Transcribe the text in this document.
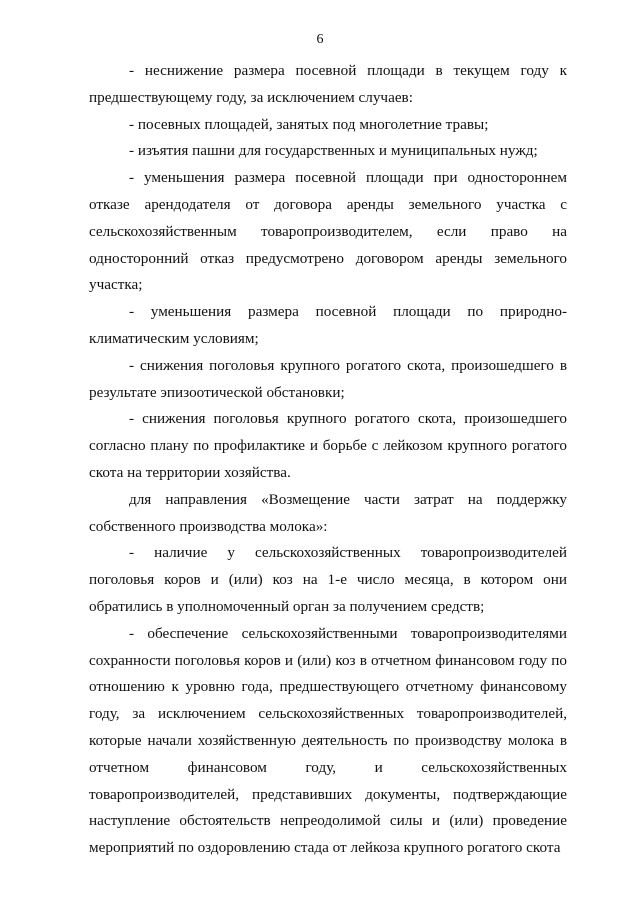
6

- неснижение размера посевной площади в текущем году к предшествующему году, за исключением случаев:

- посевных площадей, занятых под многолетние травы;

- изъятия пашни для государственных и муниципальных нужд;

- уменьшения размера посевной площади при одностороннем отказе арендодателя от договора аренды земельного участка с сельскохозяйственным товаропроизводителем, если право на односторонний отказ предусмотрено договором аренды земельного участка;

- уменьшения размера посевной площади по природно-климатическим условиям;

- снижения поголовья крупного рогатого скота, произошедшего в результате эпизоотической обстановки;

- снижения поголовья крупного рогатого скота, произошедшего согласно плану по профилактике и борьбе с лейкозом крупного рогатого скота на территории хозяйства.

для направления «Возмещение части затрат на поддержку собственного производства молока»:

- наличие у сельскохозяйственных товаропроизводителей поголовья коров и (или) коз на 1-е число месяца, в котором они обратились в уполномоченный орган за получением средств;

- обеспечение сельскохозяйственными товаропроизводителями сохранности поголовья коров и (или) коз в отчетном финансовом году по отношению к уровню года, предшествующего отчетному финансовому году, за исключением сельскохозяйственных товаропроизводителей, которые начали хозяйственную деятельность по производству молока в отчетном финансовом году, и сельскохозяйственных товаропроизводителей, представивших документы, подтверждающие наступление обстоятельств непреодолимой силы и (или) проведение мероприятий по оздоровлению стада от лейкоза крупного рогатого скота
